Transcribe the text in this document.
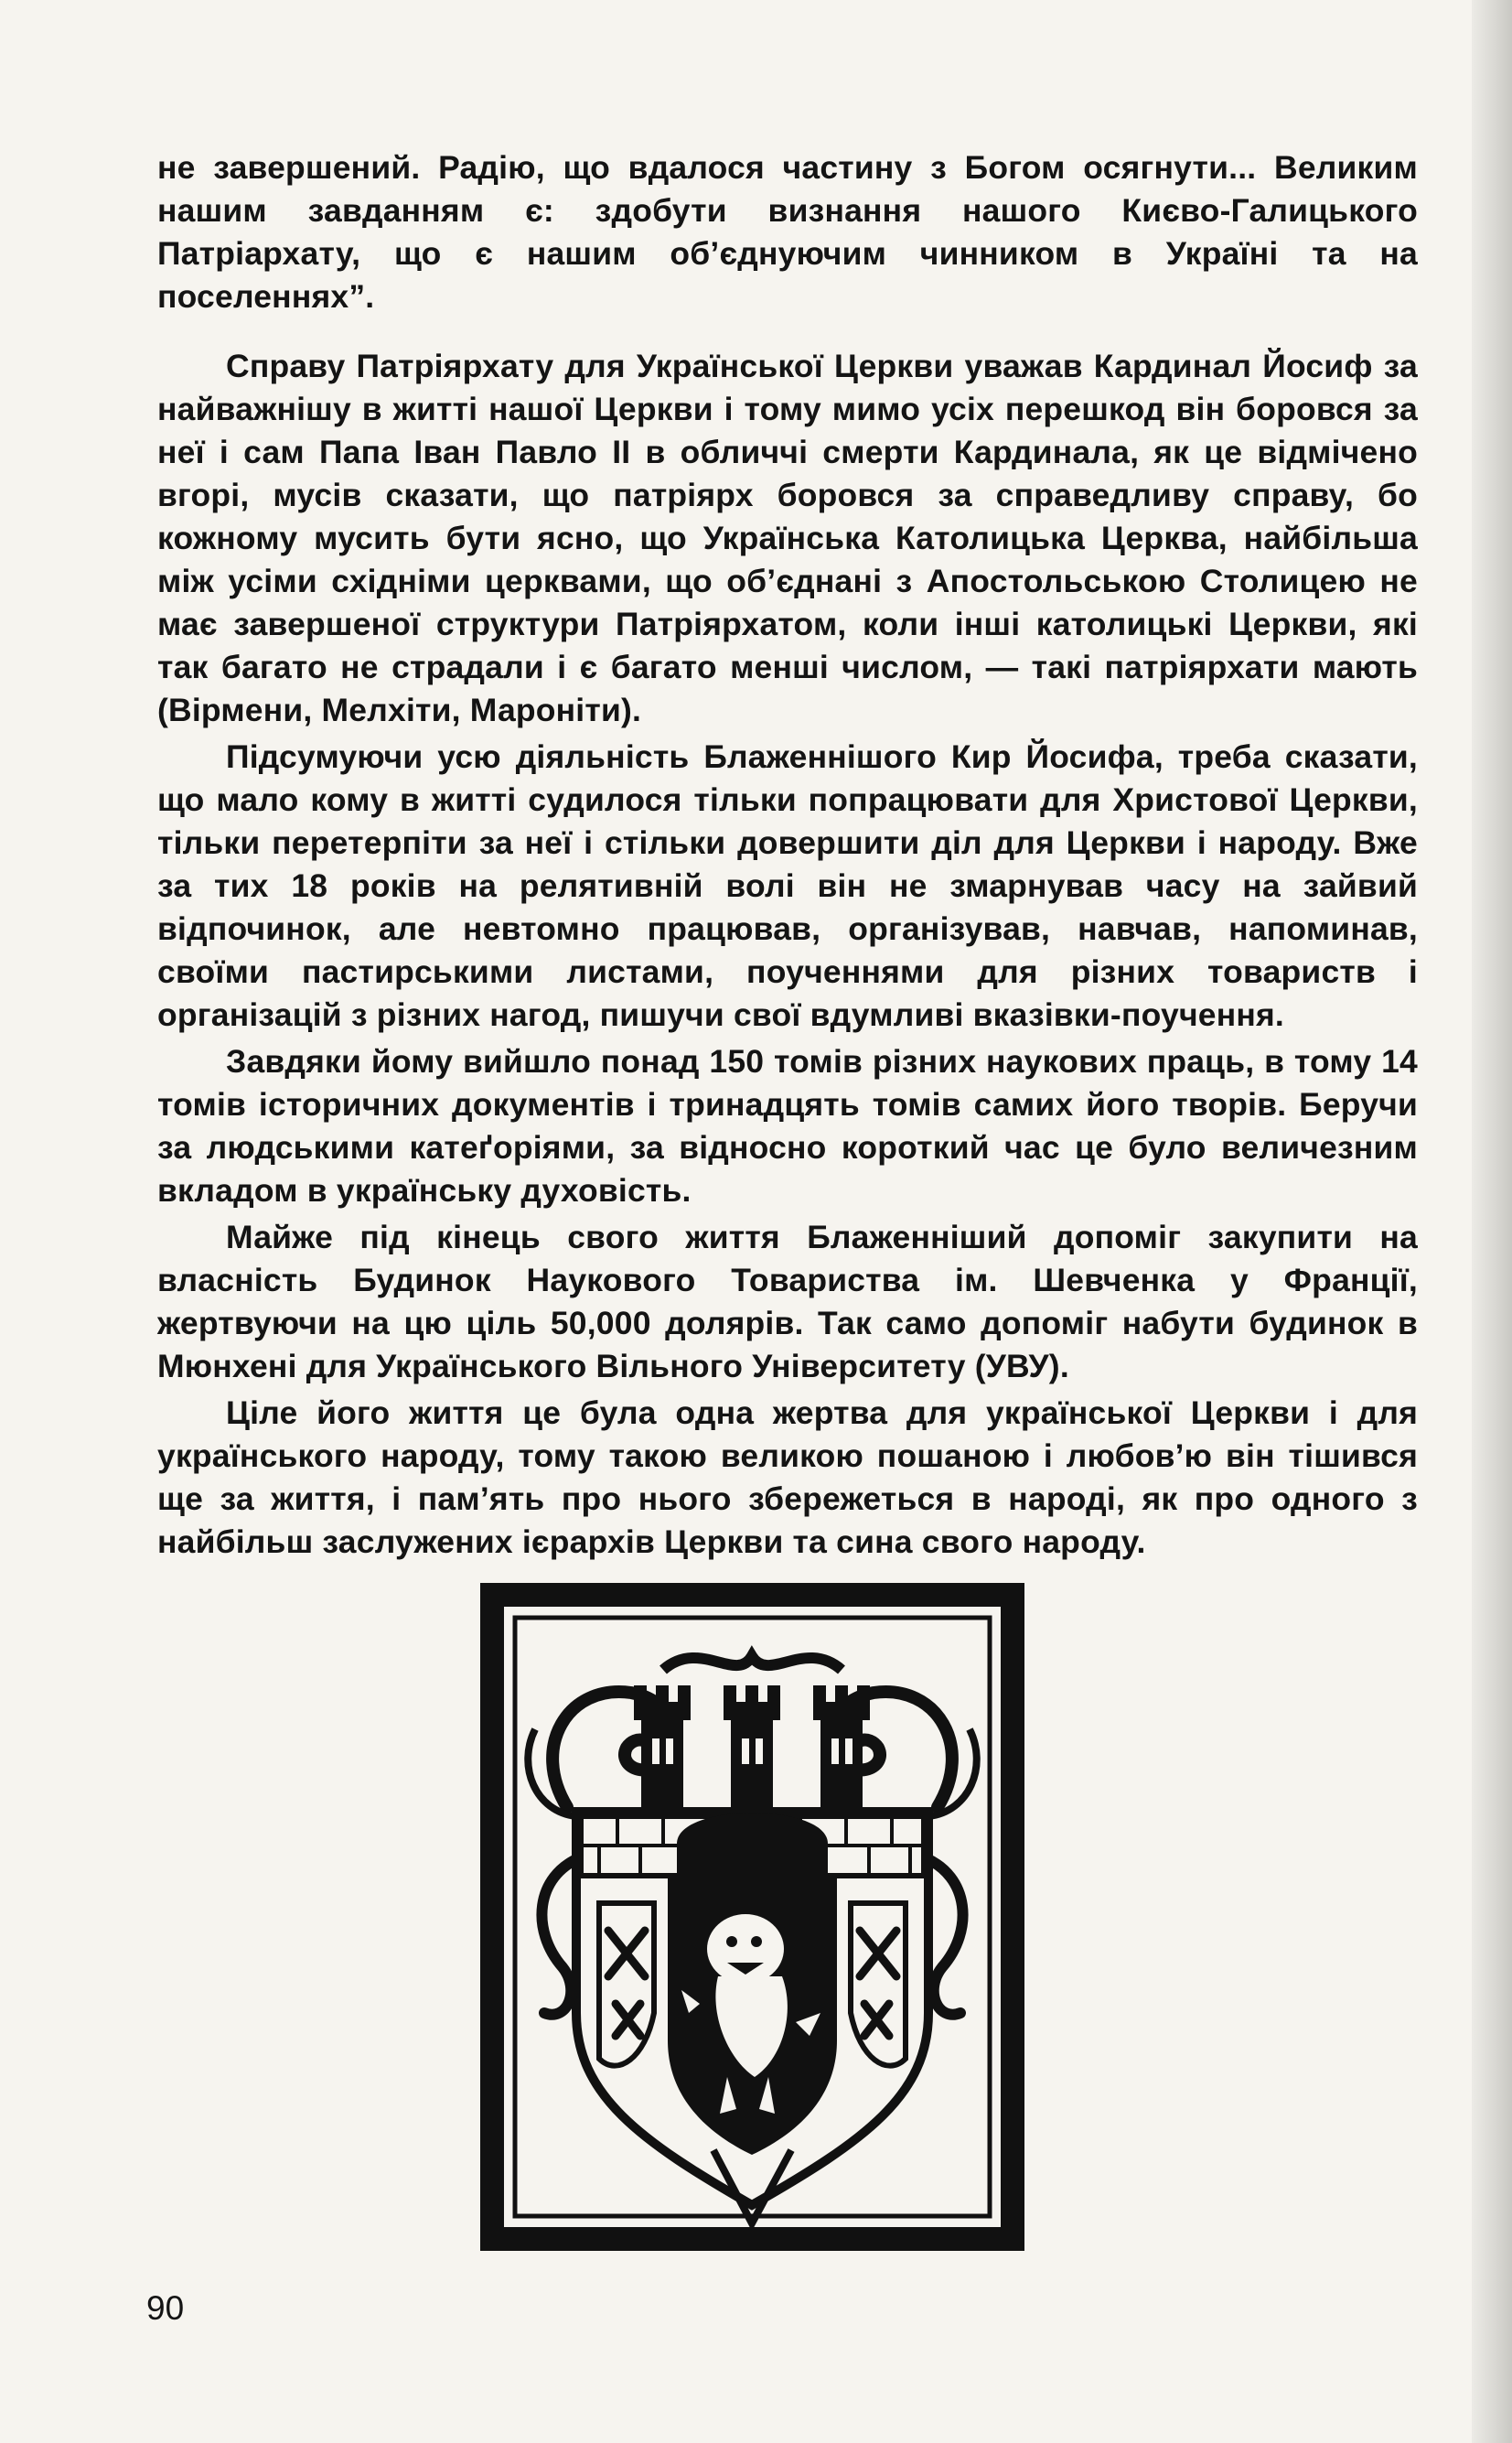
не завершений. Радію, що вдалося частину з Богом осягнути... Великим нашим завданням є: здобути визнання нашого Києво-Галицького Патріархату, що є нашим об’єднуючим чинником в Україні та на поселеннях”.

Справу Патріярхату для Української Церкви уважав Кардинал Йосиф за найважнішу в житті нашої Церкви і тому мимо усіх перешкод він боровся за неї і сам Папа Іван Павло II в обличчі смерти Кардинала, як це відмічено вгорі, мусів сказати, що патріярх боровся за справедливу справу, бо кожному мусить бути ясно, що Українська Католицька Церква, найбільша між усіми східніми церквами, що об’єднані з Апостольською Столицею не має завершеної структури Патріярхатом, коли інші католицькі Церкви, які так багато не страдали і є багато менші числом, — такі патріярхати мають (Вірмени, Мелхіти, Мароніти).

Підсумуючи усю діяльність Блаженнішого Кир Йосифа, треба сказати, що мало кому в житті судилося тільки попрацювати для Христової Церкви, тільки перетерпіти за неї і стільки довершити діл для Церкви і народу. Вже за тих 18 років на релятивній волі він не змарнував часу на зайвий відпочинок, але невтомно працював, організував, навчав, напоминав, своїми пастирськими листами, поученнями для різних товариств і організацій з різних нагод, пишучи свої вдумливі вказівки-поучення.

Завдяки йому вийшло понад 150 томів різних наукових праць, в тому 14 томів історичних документів і тринадцять томів самих його творів. Беручи за людськими катеґоріями, за відносно короткий час це було величезним вкладом в українську духовість.

Майже під кінець свого життя Блаженніший допоміг закупити на власність Будинок Наукового Товариства ім. Шевченка у Франції, жертвуючи на цю ціль 50,000 долярів. Так само допоміг набути будинок в Мюнхені для Українського Вільного Університету (УВУ).

Ціле його життя це була одна жертва для української Церкви і для українського народу, тому такою великою пошаною і любов’ю він тішився ще за життя, і пам’ять про нього збережеться в народі, як про одного з найбільш заслужених ієрархів Церкви та сина свого народу.

90
